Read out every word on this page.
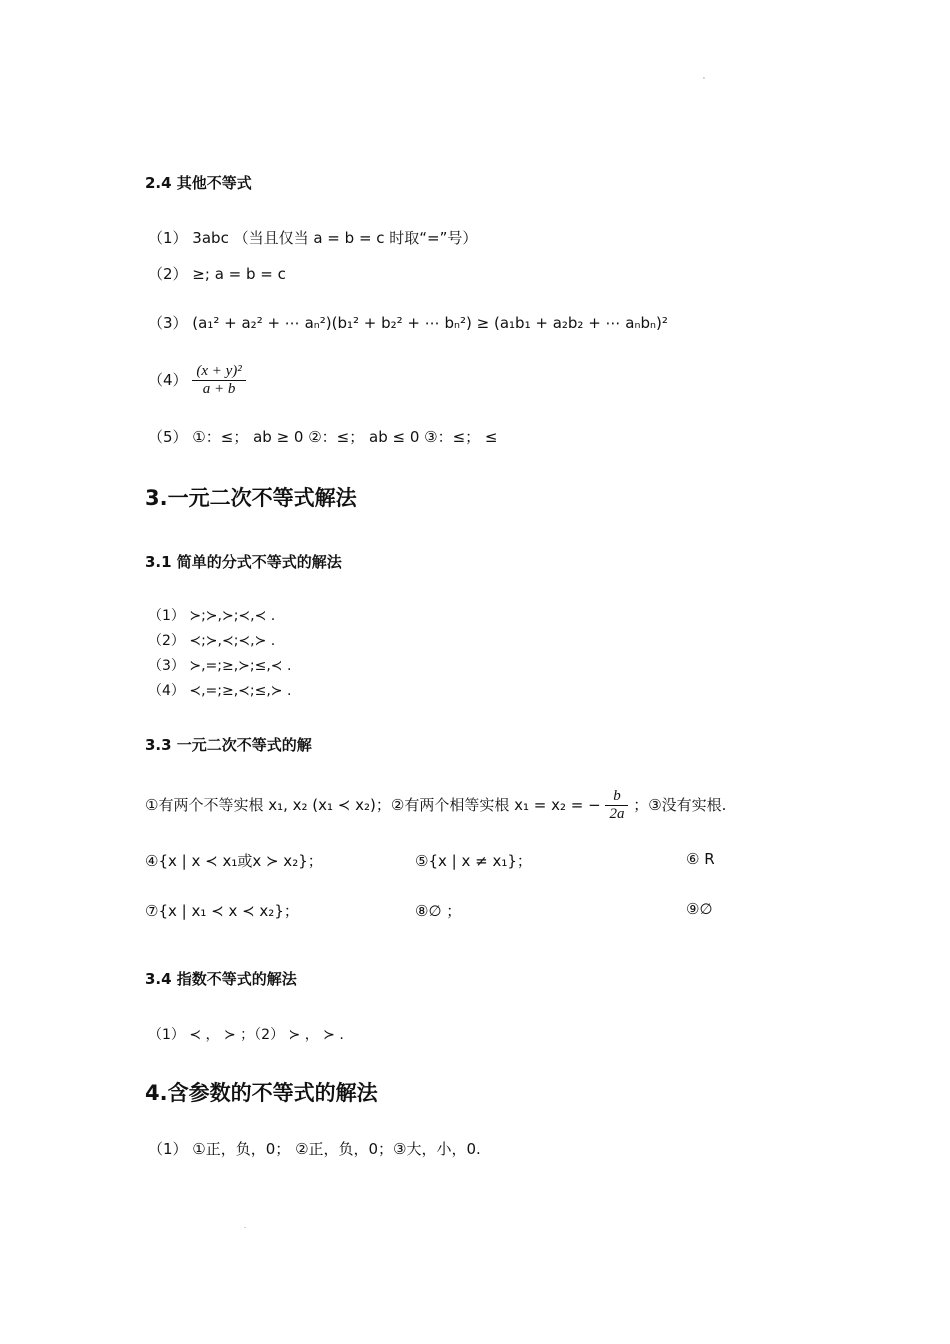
'
2.4 其他不等式
（1） 3abc （当且仅当 a = b = c 时取“=”号）
（2） ≥; a = b = c
（3） (a₁² + a₂² + ⋯ aₙ²)(b₁² + b₂² + ⋯ bₙ²) ≥ (a₁b₁ + a₂b₂ + ⋯ aₙbₙ)²
$(4) \frac{\text{(x + y)²}}{a + b}$
（5） ①：≤； ab ≥ 0 ②：≤； ab ≤ 0 ③：≤； ≤
3.一元二次不等式解法
3.1 简单的分式不等式的解法
（1） ≻;≻,≻;≺,≺ .
（2） ≺;≻,≺;≺,≻ .
（3） ≻,=;≥,≻;≤,≺ .
（4） ≺,=;≥,≺;≤,≻ .
3.3 一元二次不等式的解
①有两个不等实根 x₁, x₂ (x₁ ≺ x₂)；②有两个相等实根 x₁ = x₂ = − $\frac{b}{2a}$ ；③没有实根.
④{x | x ≺ x₁或x ≻ x₂}；	⑤{x | x ≠ x₁}；	⑥ R
⑦{x | x₁ ≺ x ≺ x₂}；	⑧∅ ；	⑨∅
3.4 指数不等式的解法
（1） ≺ ， ≻ ；（2） ≻ ， ≻ .
4.含参数的不等式的解法
（1） ①正，负，0； ②正，负，0；③大，小，0.
.
